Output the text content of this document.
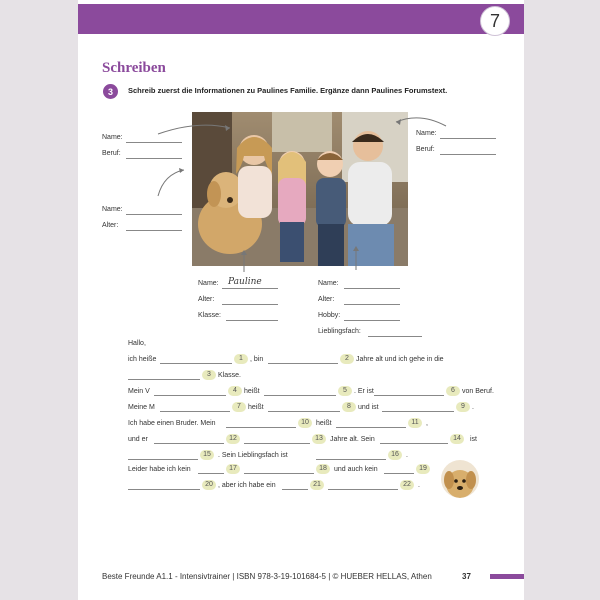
7
Schreiben
3	Schreib zuerst die Informationen zu Paulines Familie. Ergänze dann Paulines Forumstext.
Name:
Beruf:
Name:
Alter:
Name:
Beruf:
Name: Pauline
Alter:
Klasse:
Name:
Alter:
Hobby:
Lieblingsfach:
Hallo,
ich heiße	1	, bin	2	Jahre alt und ich gehe in die
3	Klasse.
Mein V	4	heißt	5	. Er ist	6	von Beruf.
Meine M	7	heißt	8	und ist	9	.
Ich habe einen Bruder. Mein	10	heißt	11	,
und er	12	13	Jahre alt. Sein	14	ist
15	. Sein Lieblingsfach ist	16	.
Leider habe ich kein	17	18	und auch kein	19
20 , aber ich habe ein	21	22	.
Beste Freunde A1.1 - Intensivtrainer | ISBN 978-3-19-101684-5 | © HUEBER HELLAS, Athen	37
